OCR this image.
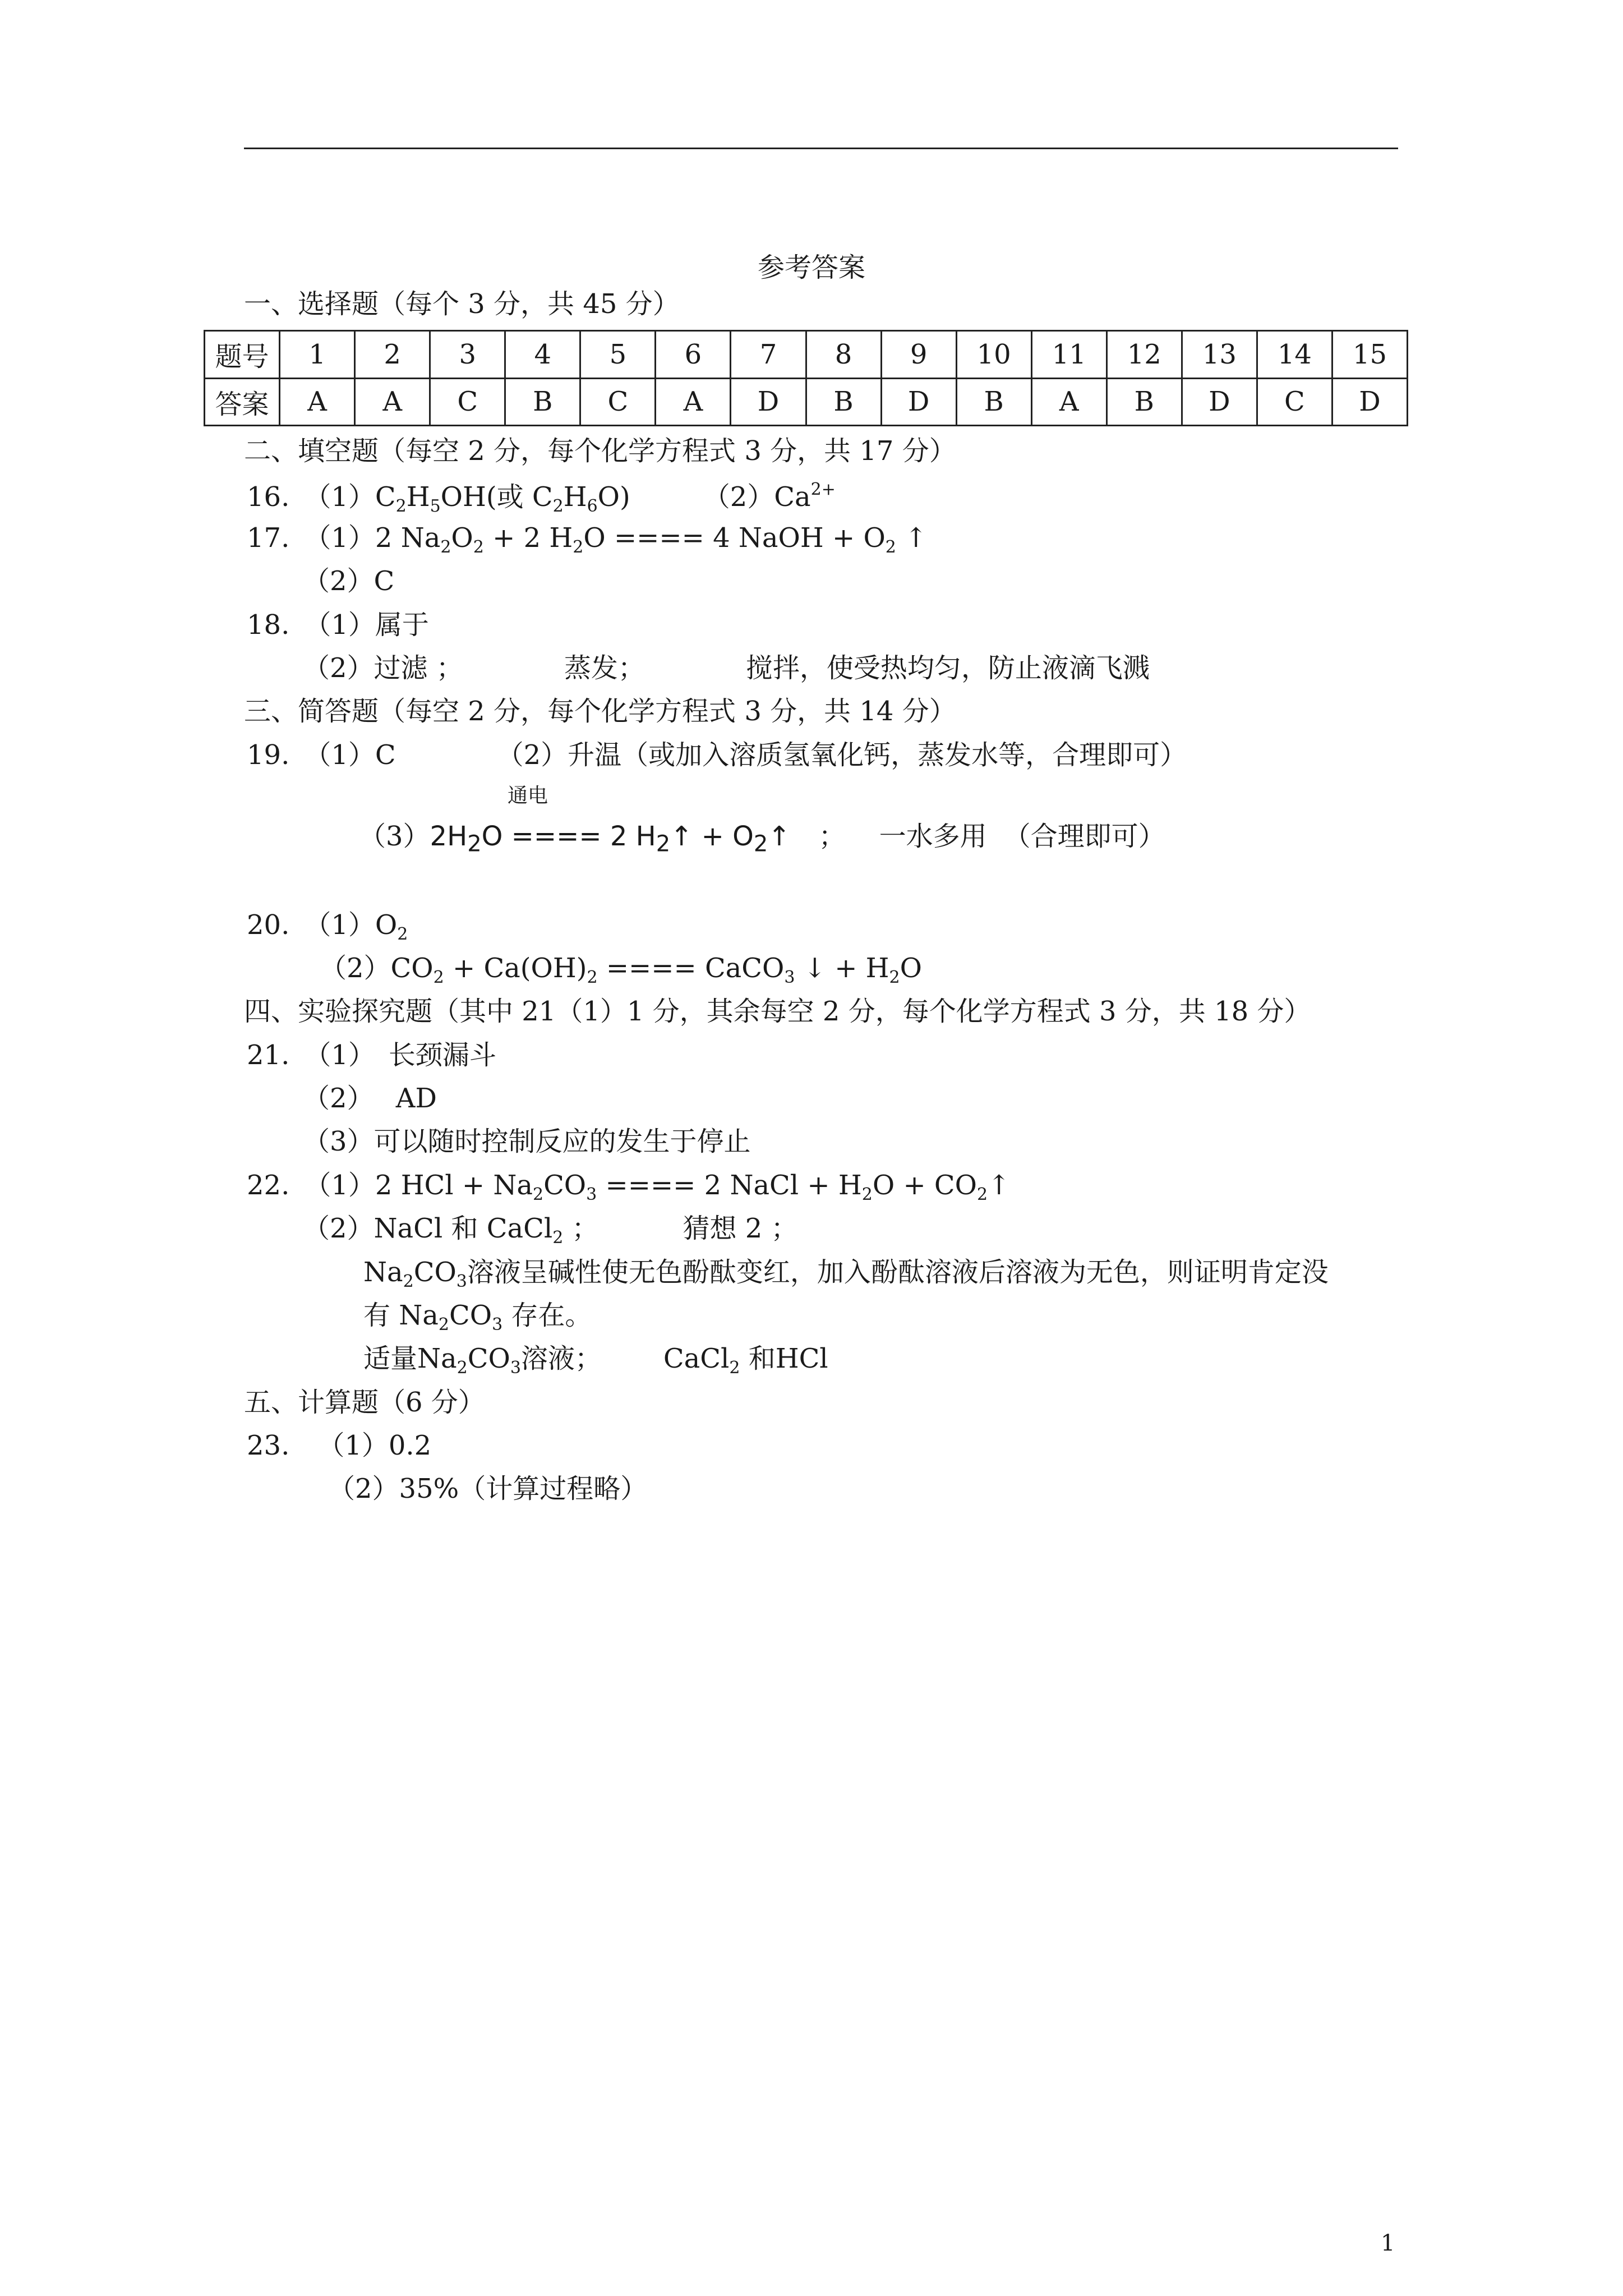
参考答案
一、选择题（每个 3 分，共 45 分）
题号	1	2	3	4	5	6	7	8	9	10	11	12	13	14	15
答案	A	A	C	B	C	A	D	B	D	B	A	B	D	C	D
二、填空题（每空 2 分，每个化学方程式 3 分，共 17 分）
16. $(1)C_2H_5OH$(或 $C_2H_6O$)	$(2)Ca^{2+}$
17. （1）2 $Na_2O_2 + 2$ $H_2O$ ==== 4 NaOH + $O_2$ ↑
（2）C
18. （1）属于
（2）过滤 ；	蒸发；	搅拌，使受热均匀，防止液滴飞溅
三、简答题（每空 2 分，每个化学方程式 3 分，共 14 分）
19. （1）C	（2）升温（或加入溶质氢氧化钙，蒸发水等，合理即可）
通电
$(3)2H_2O$ ==== 2 $H_2↑$ + $O_2↑$ ； 一水多用 （合理即可）
20. $(1)O_2$
$(2)CO_2 + Ca(OH)_2$ ==== CaCO$_3$ ↓ + $H_2O$
四、实验探究题（其中 21（1）1 分，其余每空 2 分，每个化学方程式 3 分，共 18 分）
21. （1）　长颈漏斗
（2）　 AD
（3）可以随时控制反应的发生于停止
22. （1）2 HCl + $Na_2CO_3$ ==== 2 NaCl + $H_2O$ + $CO_2↑$
（2）NaCl 和 CaCl$_2$ ；	猜想 2 ；
$Na_2CO_3$溶液呈碱性使无色酚酞变红，加入酚酞溶液后溶液为无色，则证明肯定没
有 $Na_2CO_3$ 存在。
适量$Na_2CO_3$溶液； CaCl$_2$ 和HCl
五、计算题（6 分）
23. （1）0.2
（2）35%（计算过程略）
1
